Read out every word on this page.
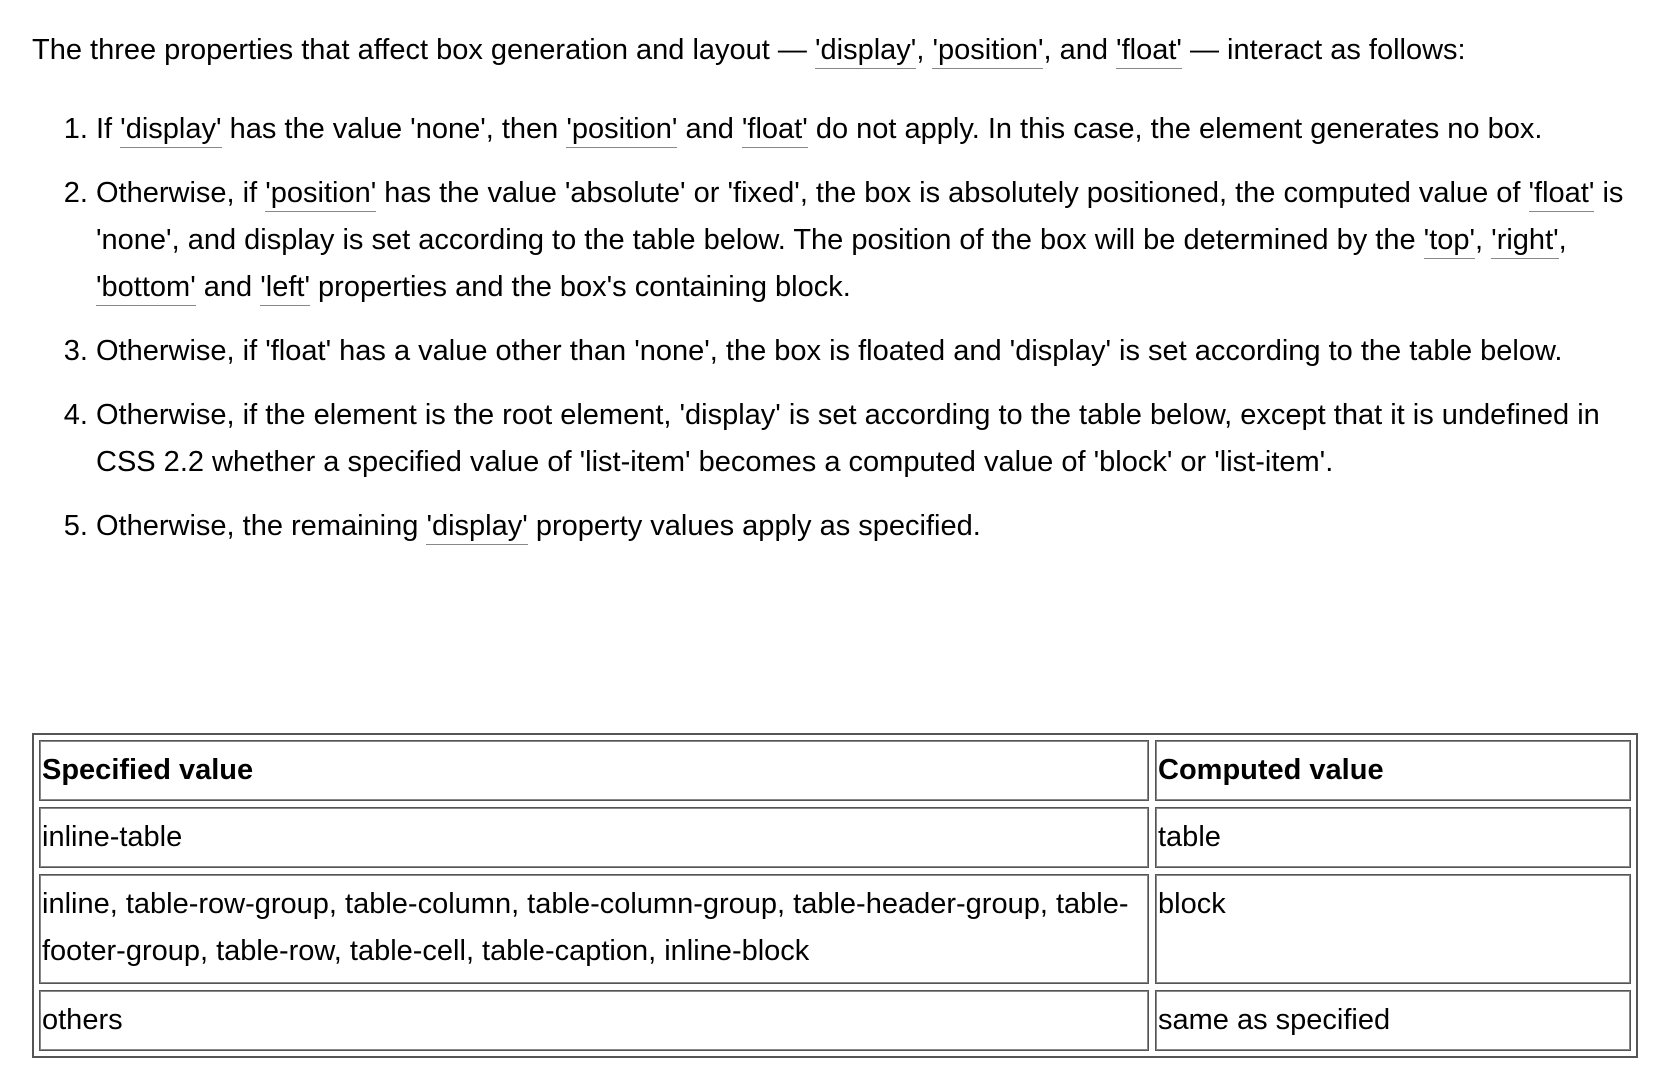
The three properties that affect box generation and layout — 'display', 'position', and 'float' — interact as follows:

1. If 'display' has the value 'none', then 'position' and 'float' do not apply. In this case, the element generates no box.
2. Otherwise, if 'position' has the value 'absolute' or 'fixed', the box is absolutely positioned, the computed value of 'float' is 'none', and display is set according to the table below. The position of the box will be determined by the 'top', 'right', 'bottom' and 'left' properties and the box's containing block.
3. Otherwise, if 'float' has a value other than 'none', the box is floated and 'display' is set according to the table below.
4. Otherwise, if the element is the root element, 'display' is set according to the table below, except that it is undefined in CSS 2.2 whether a specified value of 'list-item' becomes a computed value of 'block' or 'list-item'.
5. Otherwise, the remaining 'display' property values apply as specified.
Specified value	Computed value
inline-table	table
inline, table-row-group, table-column, table-column-group, table-header-group, table-footer-group, table-row, table-cell, table-caption, inline-block	block
others	same as specified
